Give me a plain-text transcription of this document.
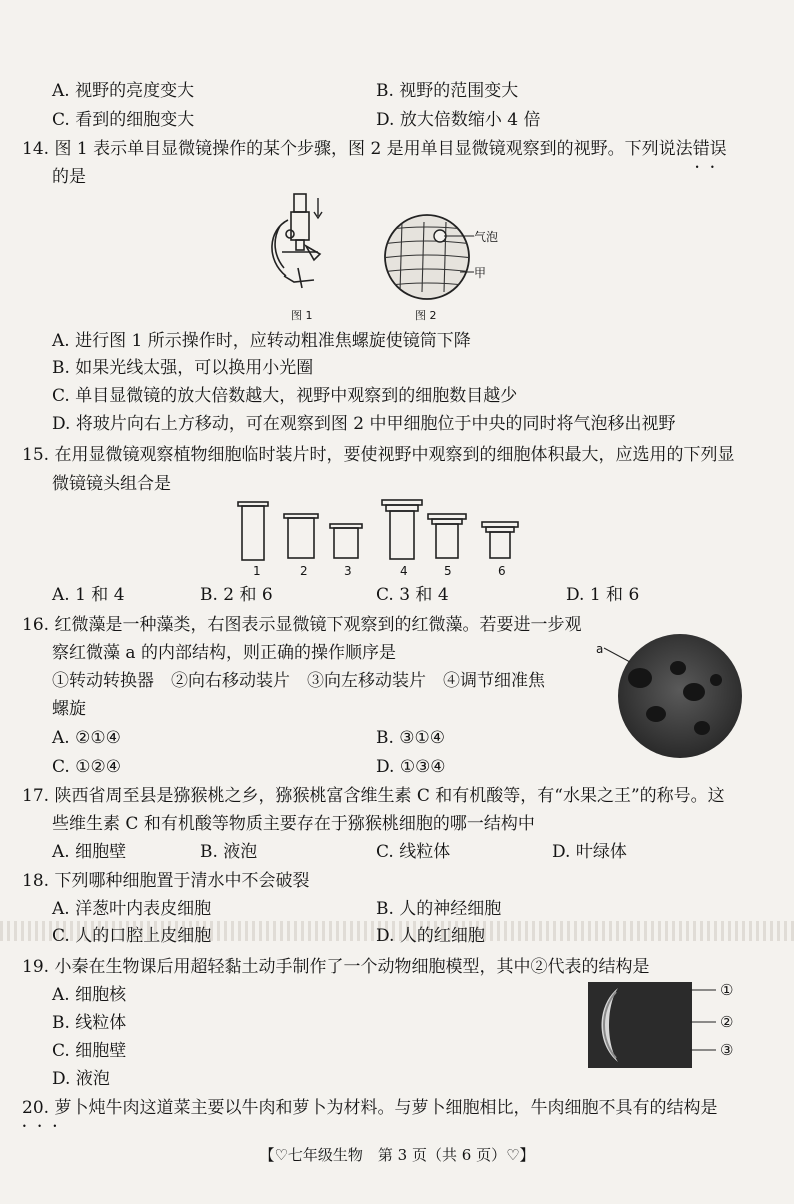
A. 视野的亮度变大	B. 视野的范围变大
C. 看到的细胞变大	D. 放大倍数缩小 4 倍
14. 图 1 表示单目显微镜操作的某个步骤，图 2 是用单目显微镜观察到的视野。下列说法错误 • •
的是
图 1
气泡
甲
图 2
A. 进行图 1 所示操作时，应转动粗准焦螺旋使镜筒下降
B. 如果光线太强，可以换用小光圈
C. 单目显微镜的放大倍数越大，视野中观察到的细胞数目越少
D. 将玻片向右上方移动，可在观察到图 2 中甲细胞位于中央的同时将气泡移出视野
15. 在用显微镜观察植物细胞临时装片时，要使视野中观察到的细胞体积最大，应选用的下列显
微镜镜头组合是
1	2	3	4	5	6
A. 1 和 4	B. 2 和 6	C. 3 和 4	D. 1 和 6
16. 红微藻是一种藻类，右图表示显微镜下观察到的红微藻。若要进一步观
察红微藻 a 的内部结构，则正确的操作顺序是
①转动转换器　②向右移动装片　③向左移动装片　④调节细准焦
螺旋
a
A. ②①④	B. ③①④
C. ①②④	D. ①③④
17. 陕西省周至县是猕猴桃之乡，猕猴桃富含维生素 C 和有机酸等，有“水果之王”的称号。这
些维生素 C 和有机酸等物质主要存在于猕猴桃细胞的哪一结构中
A. 细胞壁	B. 液泡	C. 线粒体	D. 叶绿体
18. 下列哪种细胞置于清水中不会破裂
A. 洋葱叶内表皮细胞	B. 人的神经细胞
C. 人的口腔上皮细胞	D. 人的红细胞
19. 小秦在生物课后用超轻黏土动手制作了一个动物细胞模型，其中②代表的结构是
A. 细胞核
B. 线粒体
C. 细胞壁
D. 液泡
①
②
③
20. 萝卜炖牛肉这道菜主要以牛肉和萝卜为材料。与萝卜细胞相比，牛肉细胞不具有 • • •的结构是
【♡七年级生物　第 3 页（共 6 页）♡】
